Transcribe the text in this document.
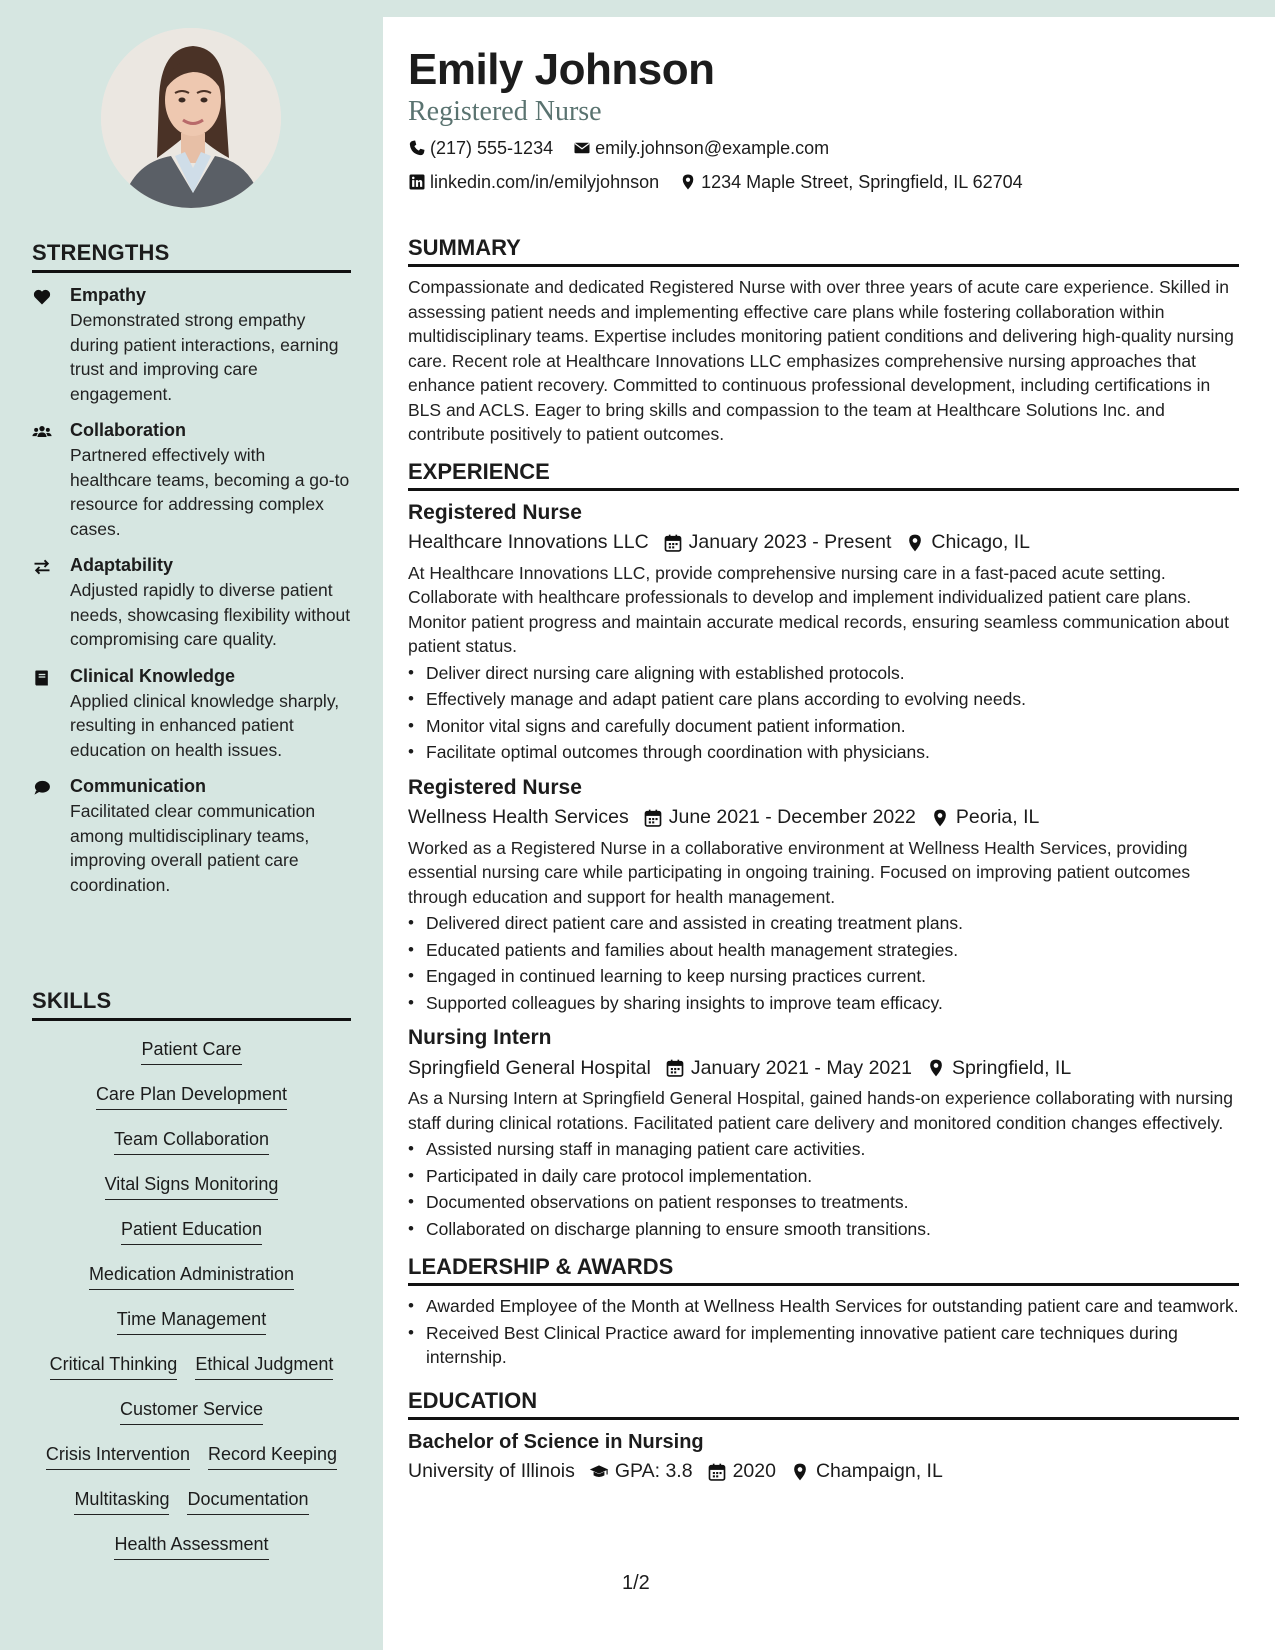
STRENGTHS
Empathy
Demonstrated strong empathy during patient interactions, earning trust and improving care engagement.
Collaboration
Partnered effectively with healthcare teams, becoming a go-to resource for addressing complex cases.
Adaptability
Adjusted rapidly to diverse patient needs, showcasing flexibility without compromising care quality.
Clinical Knowledge
Applied clinical knowledge sharply, resulting in enhanced patient education on health issues.
Communication
Facilitated clear communication among multidisciplinary teams, improving overall patient care coordination.
SKILLS
Patient Care
Care Plan Development
Team Collaboration
Vital Signs Monitoring
Patient Education
Medication Administration
Time Management
Critical Thinking Ethical Judgment
Customer Service
Crisis Intervention Record Keeping
Multitasking Documentation
Health Assessment
Emily Johnson
Registered Nurse
(217) 555-1234 emily.johnson@example.com
linkedin.com/in/emilyjohnson 1234 Maple Street, Springfield, IL 62704
SUMMARY
Compassionate and dedicated Registered Nurse with over three years of acute care experience. Skilled in assessing patient needs and implementing effective care plans while fostering collaboration within multidisciplinary teams. Expertise includes monitoring patient conditions and delivering high-quality nursing care. Recent role at Healthcare Innovations LLC emphasizes comprehensive nursing approaches that enhance patient recovery. Committed to continuous professional development, including certifications in BLS and ACLS. Eager to bring skills and compassion to the team at Healthcare Solutions Inc. and contribute positively to patient outcomes.
EXPERIENCE
Registered Nurse
Healthcare Innovations LLC January 2023 - Present Chicago, IL
At Healthcare Innovations LLC, provide comprehensive nursing care in a fast-paced acute setting. Collaborate with healthcare professionals to develop and implement individualized patient care plans. Monitor patient progress and maintain accurate medical records, ensuring seamless communication about patient status.
• Deliver direct nursing care aligning with established protocols.
• Effectively manage and adapt patient care plans according to evolving needs.
• Monitor vital signs and carefully document patient information.
• Facilitate optimal outcomes through coordination with physicians.
Registered Nurse
Wellness Health Services June 2021 - December 2022 Peoria, IL
Worked as a Registered Nurse in a collaborative environment at Wellness Health Services, providing essential nursing care while participating in ongoing training. Focused on improving patient outcomes through education and support for health management.
• Delivered direct patient care and assisted in creating treatment plans.
• Educated patients and families about health management strategies.
• Engaged in continued learning to keep nursing practices current.
• Supported colleagues by sharing insights to improve team efficacy.
Nursing Intern
Springfield General Hospital January 2021 - May 2021 Springfield, IL
As a Nursing Intern at Springfield General Hospital, gained hands-on experience collaborating with nursing staff during clinical rotations. Facilitated patient care delivery and monitored condition changes effectively.
• Assisted nursing staff in managing patient care activities.
• Participated in daily care protocol implementation.
• Documented observations on patient responses to treatments.
• Collaborated on discharge planning to ensure smooth transitions.
LEADERSHIP & AWARDS
• Awarded Employee of the Month at Wellness Health Services for outstanding patient care and teamwork.
• Received Best Clinical Practice award for implementing innovative patient care techniques during internship.
EDUCATION
Bachelor of Science in Nursing
University of Illinois GPA: 3.8 2020 Champaign, IL
1/2
